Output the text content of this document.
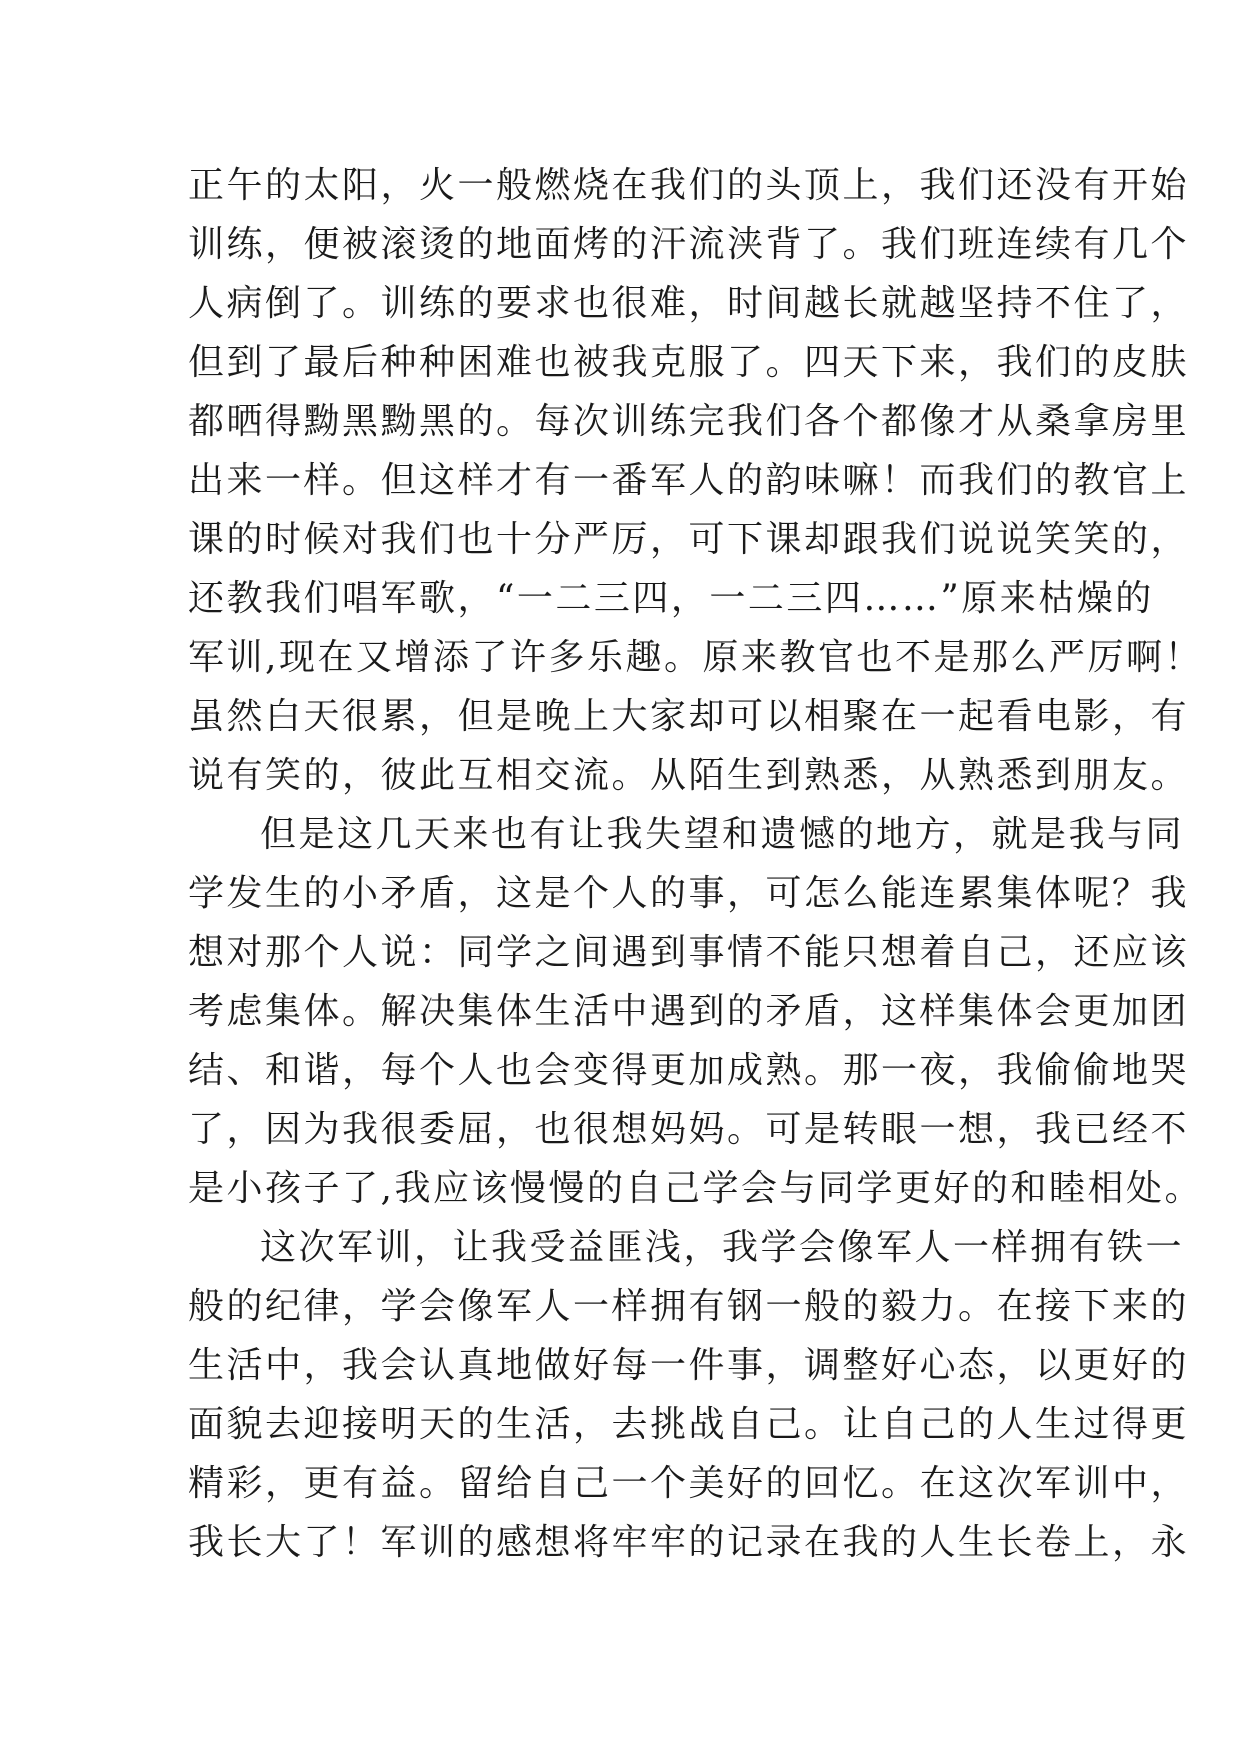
正午的太阳，火一般燃烧在我们的头顶上，我们还没有开始
训练，便被滚烫的地面烤的汗流浃背了。我们班连续有几个
人病倒了。训练的要求也很难，时间越长就越坚持不住了，
但到了最后种种困难也被我克服了。四天下来，我们的皮肤
都晒得黝黑黝黑的。每次训练完我们各个都像才从桑拿房里
出来一样。但这样才有一番军人的韵味嘛！而我们的教官上
课的时候对我们也十分严厉，可下课却跟我们说说笑笑的，
还教我们唱军歌，“一二三四，一二三四……”原来枯燥的
军训,现在又增添了许多乐趣。原来教官也不是那么严厉啊！
虽然白天很累，但是晚上大家却可以相聚在一起看电影，有
说有笑的，彼此互相交流。从陌生到熟悉，从熟悉到朋友。
但是这几天来也有让我失望和遗憾的地方，就是我与同
学发生的小矛盾，这是个人的事，可怎么能连累集体呢？我
想对那个人说：同学之间遇到事情不能只想着自己，还应该
考虑集体。解决集体生活中遇到的矛盾，这样集体会更加团
结、和谐，每个人也会变得更加成熟。那一夜，我偷偷地哭
了，因为我很委屈，也很想妈妈。可是转眼一想，我已经不
是小孩子了,我应该慢慢的自己学会与同学更好的和睦相处。
这次军训，让我受益匪浅，我学会像军人一样拥有铁一
般的纪律，学会像军人一样拥有钢一般的毅力。在接下来的
生活中，我会认真地做好每一件事，调整好心态，以更好的
面貌去迎接明天的生活，去挑战自己。让自己的人生过得更
精彩，更有益。留给自己一个美好的回忆。在这次军训中，
我长大了！军训的感想将牢牢的记录在我的人生长卷上，永
